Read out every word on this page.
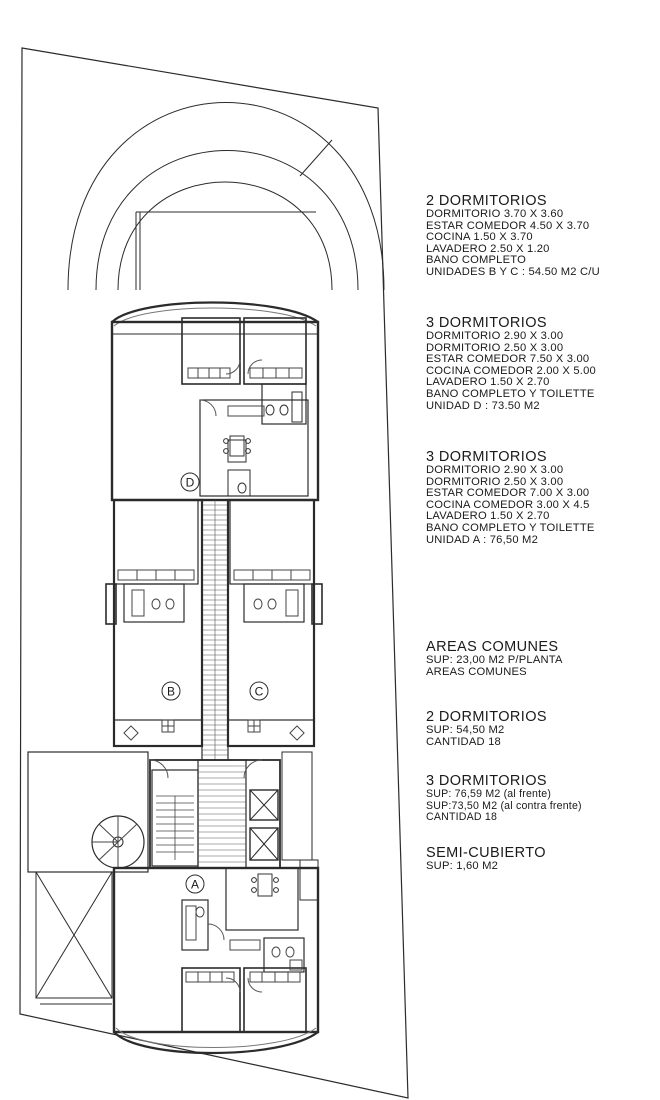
D
B	C
A
2 DORMITORIOS
DORMITORIO 3.70 X 3.60
ESTAR COMEDOR 4.50 X 3.70
COCINA 1.50 X 3.70
LAVADERO 2.50 X 1.20
BANO COMPLETO
UNIDADES B Y C : 54.50 M2 C/U
3 DORMITORIOS
DORMITORIO 2.90 X 3.00
DORMITORIO 2.50 X 3.00
ESTAR COMEDOR 7.50 X 3.00
COCINA COMEDOR 2.00 X 5.00
LAVADERO 1.50 X 2.70
BANO COMPLETO Y TOILETTE
UNIDAD D : 73.50 M2
3 DORMITORIOS
DORMITORIO 2.90 X 3.00
DORMITORIO 2.50 X 3.00
ESTAR COMEDOR 7.00 X 3.00
COCINA COMEDOR 3.00 X 4.5
LAVADERO 1.50 X 2.70
BANO COMPLETO Y TOILETTE
UNIDAD A : 76,50 M2
AREAS COMUNES
SUP: 23,00 M2 P/PLANTA
AREAS COMUNES
2 DORMITORIOS
SUP: 54,50 M2
CANTIDAD 18
3 DORMITORIOS
SUP: 76,59 M2 (al frente)
SUP:73,50 M2 (al contra frente)
CANTIDAD 18
SEMI-CUBIERTO
SUP: 1,60 M2
